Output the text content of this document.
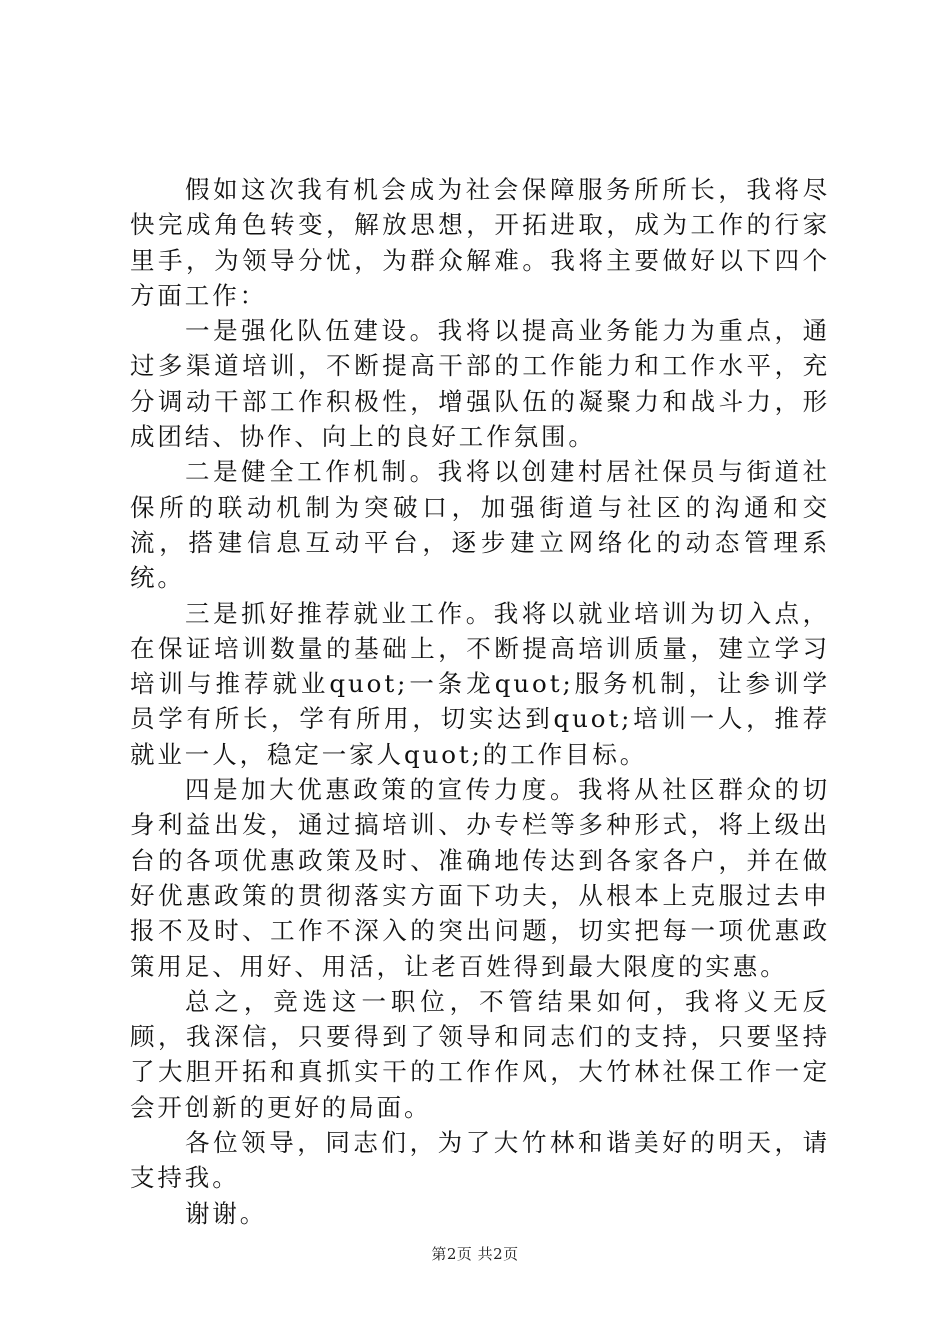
假如这次我有机会成为社会保障服务所所长，我将尽快完成角色转变，解放思想，开拓进取，成为工作的行家里手，为领导分忧，为群众解难。我将主要做好以下四个方面工作：

一是强化队伍建设。我将以提高业务能力为重点，通过多渠道培训，不断提高干部的工作能力和工作水平，充分调动干部工作积极性，增强队伍的凝聚力和战斗力，形成团结、协作、向上的良好工作氛围。

二是健全工作机制。我将以创建村居社保员与街道社保所的联动机制为突破口，加强街道与社区的沟通和交流，搭建信息互动平台，逐步建立网络化的动态管理系统。

三是抓好推荐就业工作。我将以就业培训为切入点，在保证培训数量的基础上，不断提高培训质量，建立学习培训与推荐就业quot;一条龙quot;服务机制，让参训学员学有所长，学有所用，切实达到quot;培训一人，推荐就业一人，稳定一家人quot;的工作目标。

四是加大优惠政策的宣传力度。我将从社区群众的切身利益出发，通过搞培训、办专栏等多种形式，将上级出台的各项优惠政策及时、准确地传达到各家各户，并在做好优惠政策的贯彻落实方面下功夫，从根本上克服过去申报不及时、工作不深入的突出问题，切实把每一项优惠政策用足、用好、用活，让老百姓得到最大限度的实惠。

总之，竞选这一职位，不管结果如何，我将义无反顾，我深信，只要得到了领导和同志们的支持，只要坚持了大胆开拓和真抓实干的工作作风，大竹林社保工作一定会开创新的更好的局面。

各位领导，同志们，为了大竹林和谐美好的明天，请支持我。

谢谢。

第2页 共2页
